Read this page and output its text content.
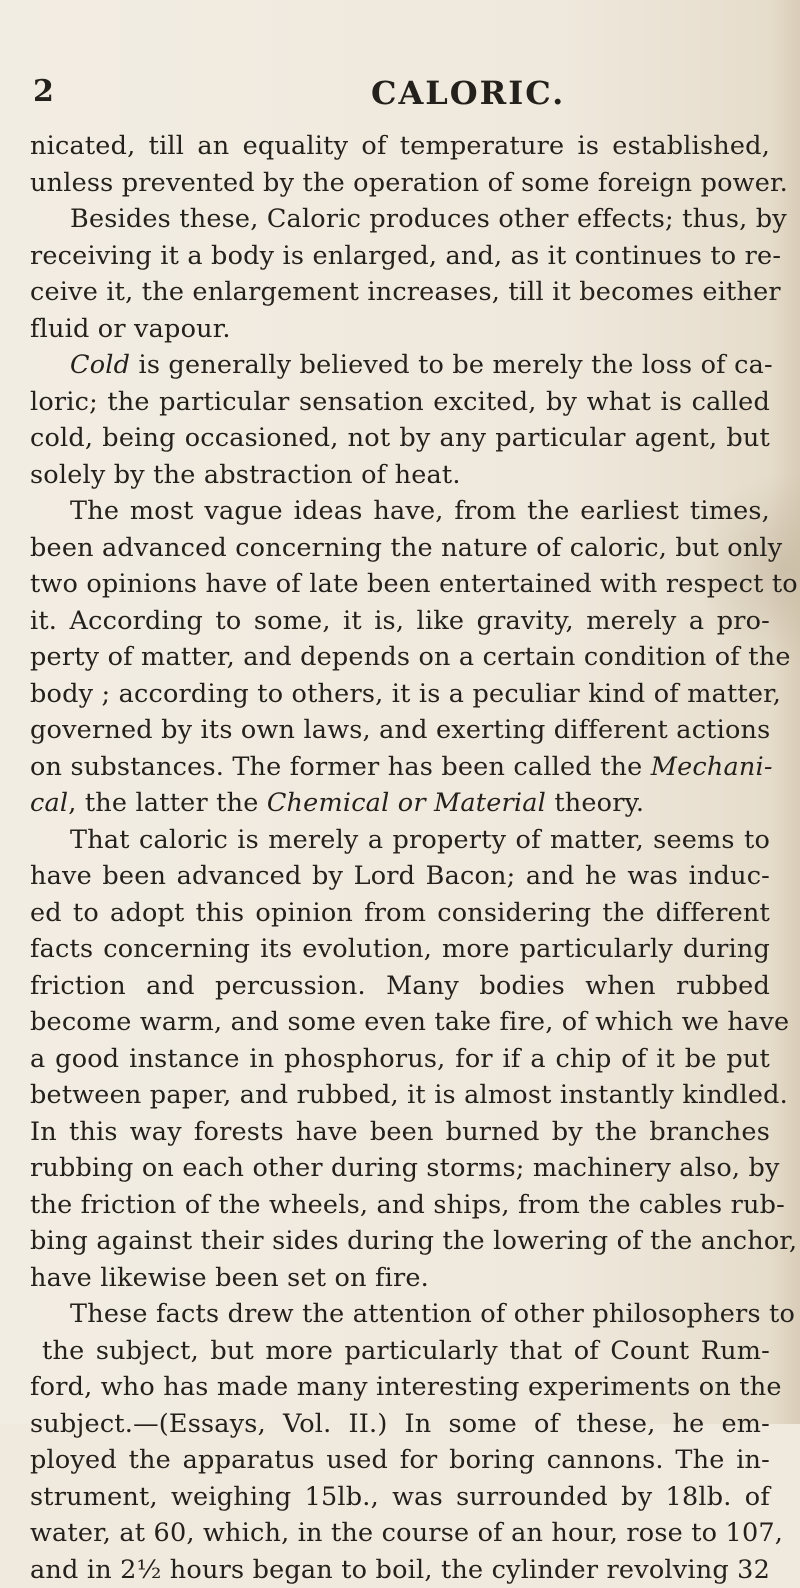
2	CALORIC.
nicated, till an equality of temperature is established,
unless prevented by the operation of some foreign power.
Besides these, Caloric produces other effects; thus, by
receiving it a body is enlarged, and, as it continues to re-
ceive it, the enlargement increases, till it becomes either
fluid or vapour.
Cold is generally believed to be merely the loss of ca-
loric; the particular sensation excited, by what is called
cold, being occasioned, not by any particular agent, but
solely by the abstraction of heat.
The most vague ideas have, from the earliest times,
been advanced concerning the nature of caloric, but only
two opinions have of late been entertained with respect to
it. According to some, it is, like gravity, merely a pro-
perty of matter, and depends on a certain condition of the
body ; according to others, it is a peculiar kind of matter,
governed by its own laws, and exerting different actions
on substances. The former has been called the Mechani-
cal, the latter the Chemical or Material theory.
That caloric is merely a property of matter, seems to
have been advanced by Lord Bacon; and he was induc-
ed to adopt this opinion from considering the different
facts concerning its evolution, more particularly during
friction and percussion. Many bodies when rubbed
become warm, and some even take fire, of which we have
a good instance in phosphorus, for if a chip of it be put
between paper, and rubbed, it is almost instantly kindled.
In this way forests have been burned by the branches
rubbing on each other during storms; machinery also, by
the friction of the wheels, and ships, from the cables rub-
bing against their sides during the lowering of the anchor,
have likewise been set on fire.
These facts drew the attention of other philosophers to
the subject, but more particularly that of Count Rum-
ford, who has made many interesting experiments on the
subject.—(Essays, Vol. II.) In some of these, he em-
ployed the apparatus used for boring cannons. The in-
strument, weighing 15lb., was surrounded by 18lb. of
water, at 60, which, in the course of an hour, rose to 107,
and in 2½ hours began to boil, the cylinder revolving 32
